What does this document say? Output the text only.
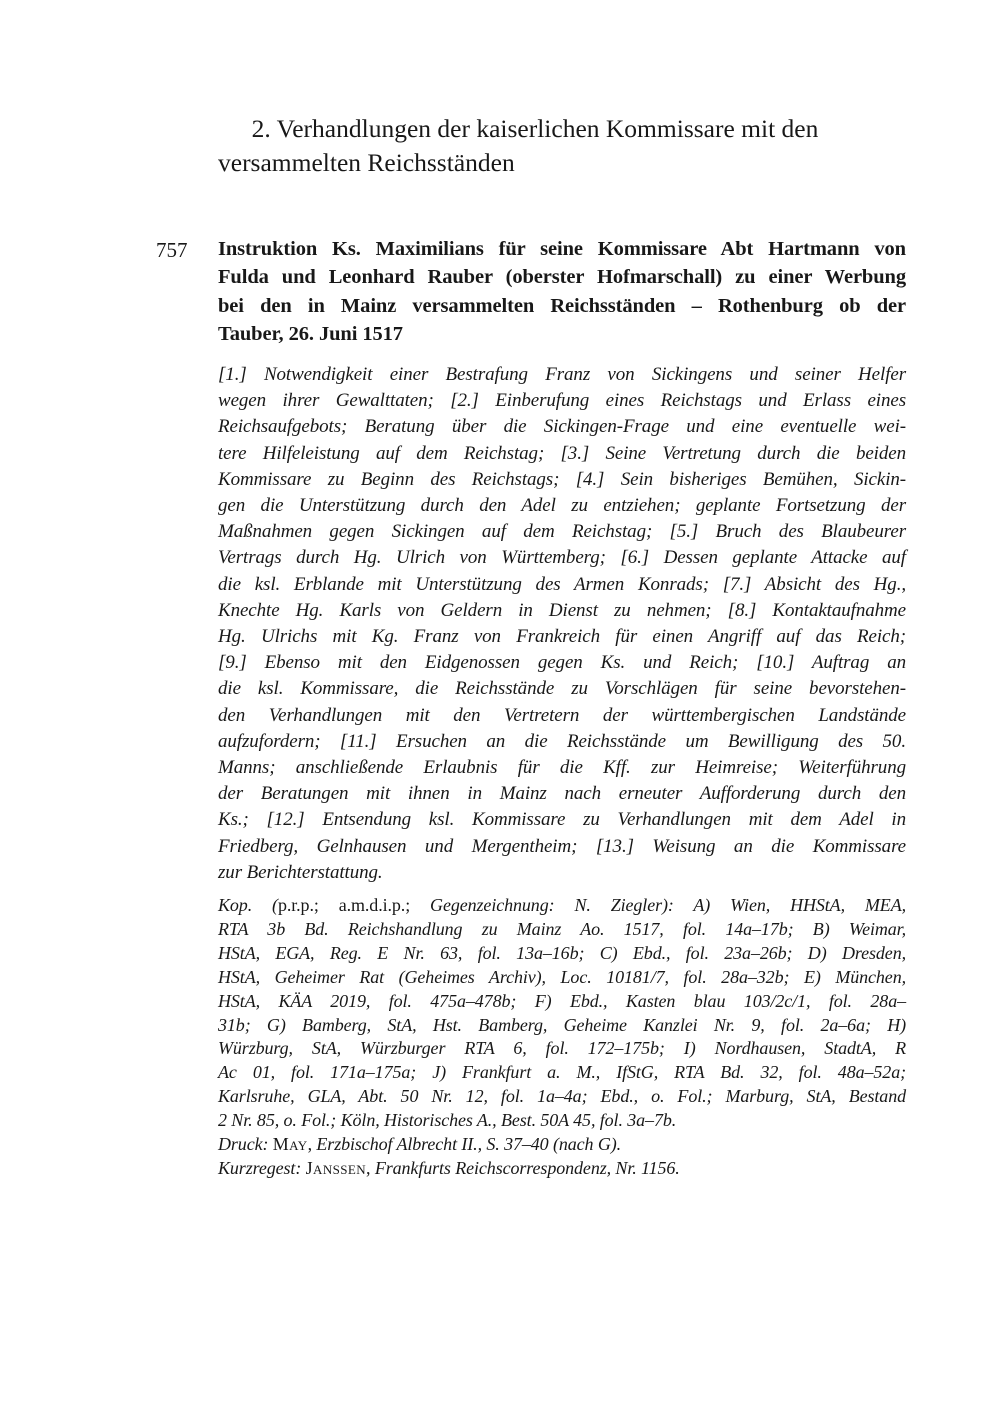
2. Verhandlungen der kaiserlichen Kommissare mit den
versammelten Reichsständen
757	Instruktion Ks. Maximilians für seine Kommissare Abt Hartmann von
Fulda und Leonhard Rauber (oberster Hofmarschall) zu einer Werbung
bei den in Mainz versammelten Reichsständen – Rothenburg ob der
Tauber, 26. Juni 1517
[1.] Notwendigkeit einer Bestrafung Franz von Sickingens und seiner Helfer
wegen ihrer Gewalttaten; [2.] Einberufung eines Reichstags und Erlass eines
Reichsaufgebots; Beratung über die Sickingen-Frage und eine eventuelle wei-
tere Hilfeleistung auf dem Reichstag; [3.] Seine Vertretung durch die beiden
Kommissare zu Beginn des Reichstags; [4.] Sein bisheriges Bemühen, Sickin-
gen die Unterstützung durch den Adel zu entziehen; geplante Fortsetzung der
Maßnahmen gegen Sickingen auf dem Reichstag; [5.] Bruch des Blaubeurer
Vertrags durch Hg. Ulrich von Württemberg; [6.] Dessen geplante Attacke auf
die ksl. Erblande mit Unterstützung des Armen Konrads; [7.] Absicht des Hg.,
Knechte Hg. Karls von Geldern in Dienst zu nehmen; [8.] Kontaktaufnahme
Hg. Ulrichs mit Kg. Franz von Frankreich für einen Angriff auf das Reich;
[9.] Ebenso mit den Eidgenossen gegen Ks. und Reich; [10.] Auftrag an
die ksl. Kommissare, die Reichsstände zu Vorschlägen für seine bevorstehen-
den Verhandlungen mit den Vertretern der württembergischen Landstände
aufzufordern; [11.] Ersuchen an die Reichsstände um Bewilligung des 50.
Manns; anschließende Erlaubnis für die Kff. zur Heimreise; Weiterführung
der Beratungen mit ihnen in Mainz nach erneuter Aufforderung durch den
Ks.; [12.] Entsendung ksl. Kommissare zu Verhandlungen mit dem Adel in
Friedberg, Gelnhausen und Mergentheim; [13.] Weisung an die Kommissare
zur Berichterstattung.
Kop. (p.r.p.; a.m.d.i.p.; Gegenzeichnung: N. Ziegler): A) Wien, HHStA, MEA,
RTA 3b Bd. Reichshandlung zu Mainz Ao. 1517, fol. 14a–17b; B) Weimar,
HStA, EGA, Reg. E Nr. 63, fol. 13a–16b; C) Ebd., fol. 23a–26b; D) Dresden,
HStA, Geheimer Rat (Geheimes Archiv), Loc. 10181/7, fol. 28a–32b; E) München,
HStA, KÄA 2019, fol. 475a–478b; F) Ebd., Kasten blau 103/2c/1, fol. 28a–
31b; G) Bamberg, StA, Hst. Bamberg, Geheime Kanzlei Nr. 9, fol. 2a–6a; H)
Würzburg, StA, Würzburger RTA 6, fol. 172–175b; I) Nordhausen, StadtA, R
Ac 01, fol. 171a–175a; J) Frankfurt a. M., IfStG, RTA Bd. 32, fol. 48a–52a;
Karlsruhe, GLA, Abt. 50 Nr. 12, fol. 1a–4a; Ebd., o. Fol.; Marburg, StA, Bestand
2 Nr. 85, o. Fol.; Köln, Historisches A., Best. 50A 45, fol. 3a–7b.
Druck: May, Erzbischof Albrecht II., S. 37–40 (nach G).
Kurzregest: Janssen, Frankfurts Reichscorrespondenz, Nr. 1156.
